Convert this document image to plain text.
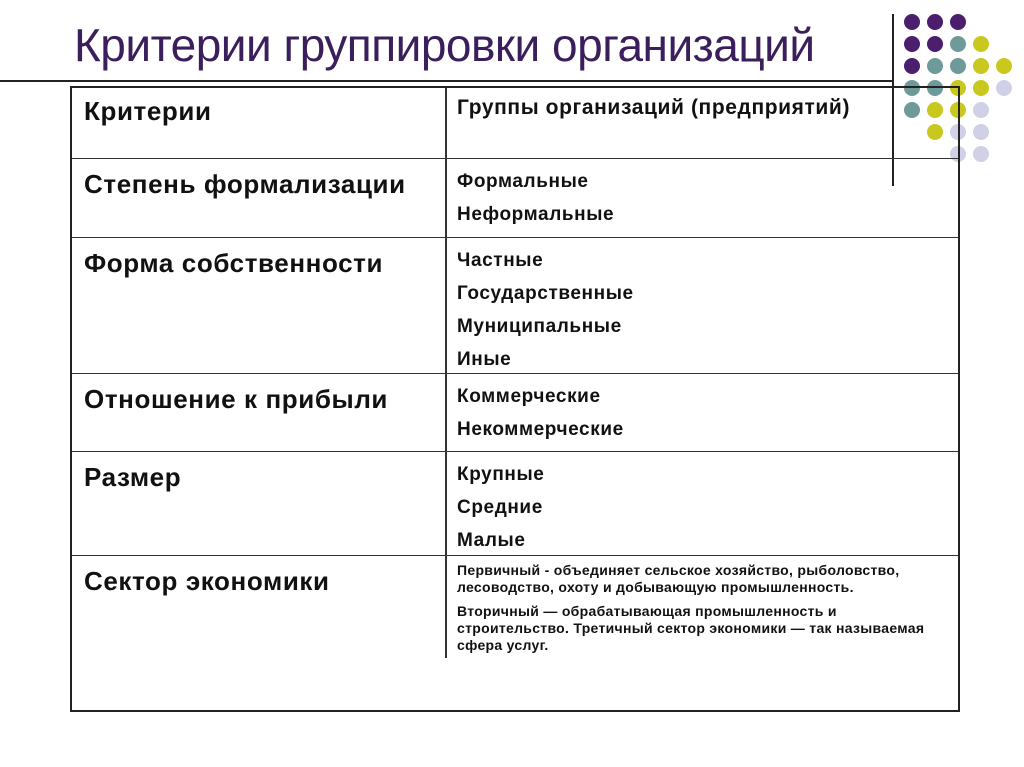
Критерии группировки организаций
Критерии	Группы организаций (предприятий)
Степень формализации	Формальные
Неформальные
Форма собственности	Частные
Государственные
Муниципальные
Иные
Отношение к прибыли	Коммерческие
Некоммерческие
Размер	Крупные
Средние
Малые
Сектор экономики	Первичный - объединяет сельское хозяйство, рыболовство, лесоводство, охоту и добывающую промышленность.

Вторичный — обрабатывающая промышленность и строительство. Третичный сектор экономики — так называемая сфера услуг.
